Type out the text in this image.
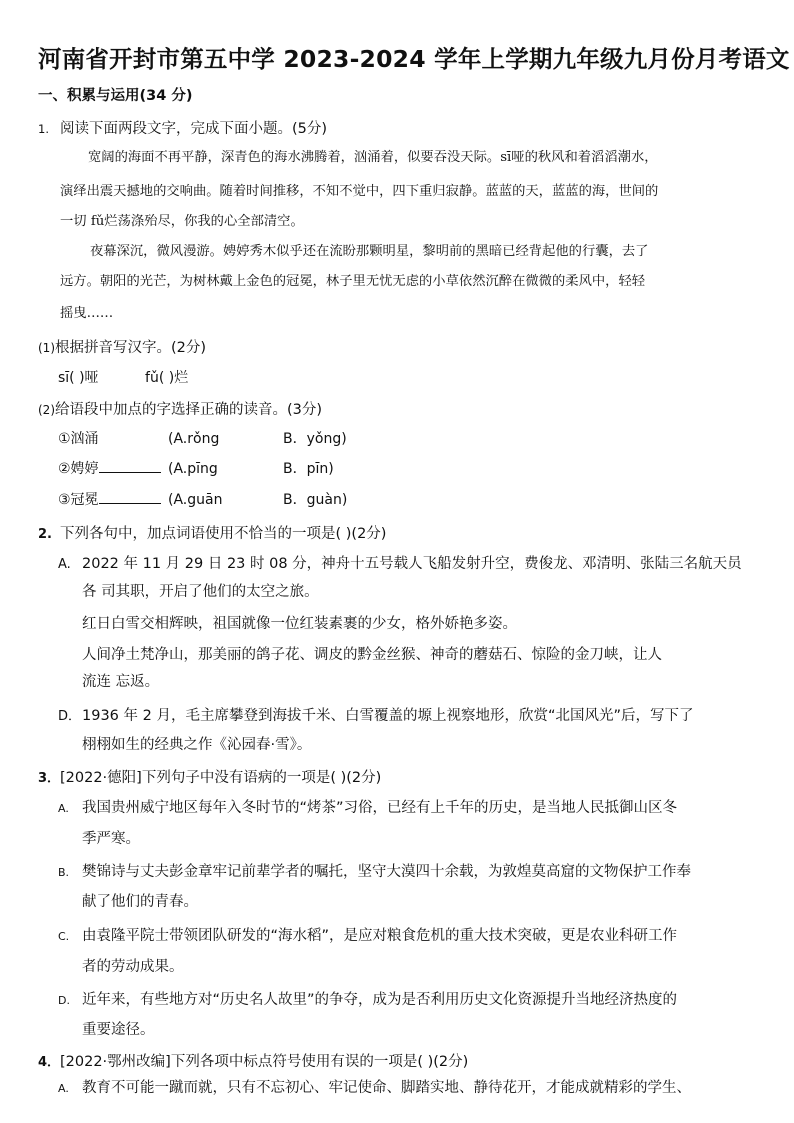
河南省开封市第五中学 2023-2024 学年上学期九年级九月份月考语文
一、积累与运用(34 分)
1. 阅读下面两段文字，完成下面小题。(5分)
宽阔的海面不再平静，深青色的海水沸腾着，汹涌着，似要吞没天际。sī哑的秋风和着滔滔潮水，
演绎出震天撼地的交响曲。随着时间推移，不知不觉中，四下重归寂静。蓝蓝的天，蓝蓝的海，世间的
一切 fǔ烂荡涤殆尽，你我的心全部清空。
夜幕深沉，微风漫游。娉婷秀木似乎还在流盼那颗明星，黎明前的黑暗已经背起他的行囊，去了
远方。朝阳的光芒，为树林戴上金色的冠冕，林子里无忧无虑的小草依然沉醉在微微的柔风中，轻轻
摇曳……
(1)根据拼音写汉字。(2分)
sī( )哑	fǔ( )烂
(2)给语段中加点的字选择正确的读音。(3分)
①汹涌	(A.rǒng	B．yǒng)
②娉婷	(A.pīng	B．pīn)
③冠冕	(A.guān	B．guàn)
2. 下列各句中，加点词语使用不恰当的一项是( )(2分)
A. 2022 年 11 月 29 日 23 时 08 分，神舟十五号载人飞船发射升空，费俊龙、邓清明、张陆三名航天员
各 司其职，开启了他们的太空之旅。
红日白雪交相辉映，祖国就像一位红装素裹的少女，格外娇艳多姿。
人间净土梵净山，那美丽的鸽子花、调皮的黔金丝猴、神奇的蘑菇石、惊险的金刀峡，让人
流连 忘返。
D．1936 年 2 月，毛主席攀登到海拔千米、白雪覆盖的塬上视察地形，欣赏“北国风光”后，写下了
栩栩如生的经典之作《沁园春·雪》。
3．[2022·德阳]下列句子中没有语病的一项是( )(2分)
A. 我国贵州威宁地区每年入冬时节的“烤茶”习俗，已经有上千年的历史，是当地人民抵御山区冬
季严寒。
B. 樊锦诗与丈夫彭金章牢记前辈学者的嘱托，坚守大漠四十余载，为敦煌莫高窟的文物保护工作奉
献了他们的青春。
C. 由袁隆平院士带领团队研发的“海水稻”，是应对粮食危机的重大技术突破，更是农业科研工作
者的劳动成果。
D. 近年来，有些地方对“历史名人故里”的争夺，成为是否利用历史文化资源提升当地经济热度的
重要途径。
4．[2022·鄂州改编]下列各项中标点符号使用有误的一项是( )(2分)
A. 教育不可能一蹴而就，只有不忘初心、牢记使命、脚踏实地、静待花开，才能成就精彩的学生、
